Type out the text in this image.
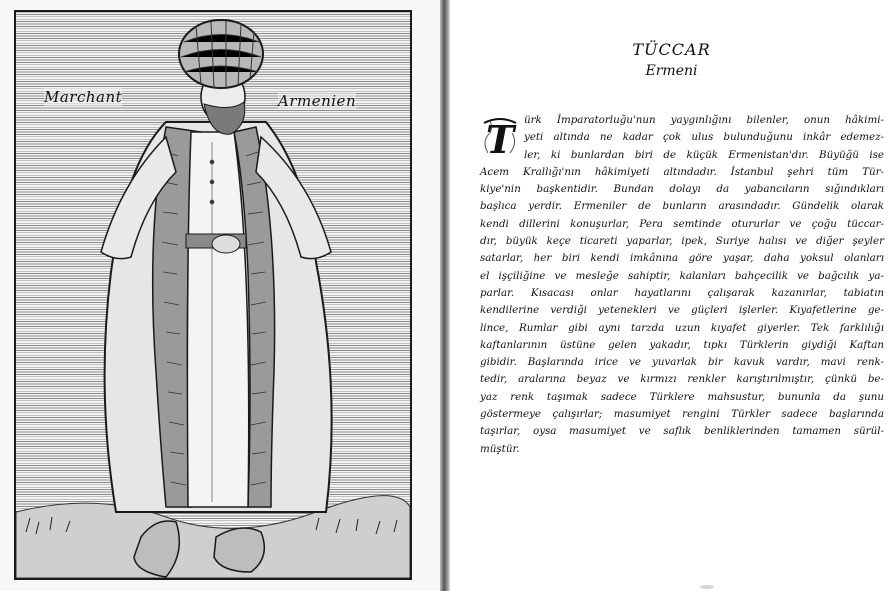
Marchant	Armenien
TÜCCAR
Ermeni
T ürk İmparatorluğu'nun yaygınlığını bilenler, onun hâkimi-
yeti altında ne kadar çok ulus bulunduğunu inkâr edemez-
ler, ki bunlardan biri de küçük Ermenistan'dır. Büyüğü ise
Acem Krallığı'nın hâkimiyeti altındadır. İstanbul şehri tüm Tür-
kiye'nin başkentidir. Bundan dolayı da yabancıların sığındıkları
başlıca yerdir. Ermeniler de bunların arasındadır. Gündelik olarak
kendi dillerini konuşurlar, Pera semtinde otururlar ve çoğu tüccar-
dır, büyük keçe ticareti yaparlar, ipek, Suriye halısı ve diğer şeyler
satarlar, her biri kendi imkânına göre yaşar, daha yoksul olanları
el işçiliğine ve mesleğe sahiptir, kalanları bahçecilik ve bağcılık ya-
parlar. Kısacası onlar hayatlarını çalışarak kazanırlar, tabiatın
kendilerine verdiği yetenekleri ve güçleri işlerler. Kıyafetlerine ge-
lince, Rumlar gibi aynı tarzda uzun kıyafet giyerler. Tek farklılığı
kaftanlarının üstüne gelen yakadır, tıpkı Türklerin giydiği Kaftan
gibidir. Başlarında irice ve yuvarlak bir kavuk vardır, mavi renk-
tedir, aralarına beyaz ve kırmızı renkler karıştırılmıştır, çünkü be-
yaz renk taşımak sadece Türklere mahsustur, bununla da şunu
göstermeye çalışırlar; masumiyet rengini Türkler sadece başlarında
taşırlar, oysa masumiyet ve saflık benliklerinden tamamen sürül-
müştür.
